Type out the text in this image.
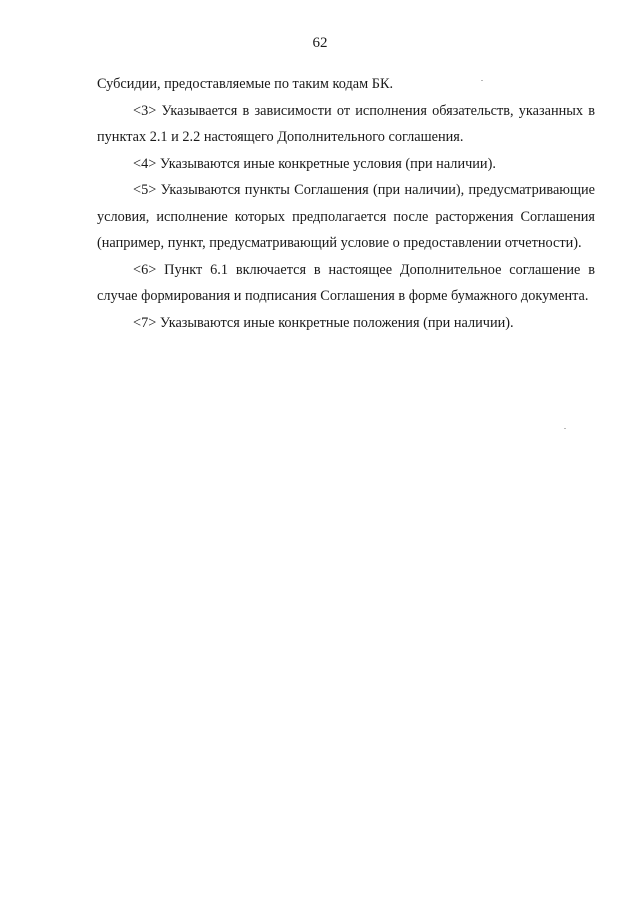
62

Субсидии, предоставляемые по таким кодам БК.

<3> Указывается в зависимости от исполнения обязательств, указанных в пунктах 2.1 и 2.2 настоящего Дополнительного соглашения.

<4> Указываются иные конкретные условия (при наличии).

<5> Указываются пункты Соглашения (при наличии), предусматривающие условия, исполнение которых предполагается после расторжения Соглашения (например, пункт, предусматривающий условие о предоставлении отчетности).

<6> Пункт 6.1 включается в настоящее Дополнительное соглашение в случае формирования и подписания Соглашения в форме бумажного документа.

<7> Указываются иные конкретные положения (при наличии).
